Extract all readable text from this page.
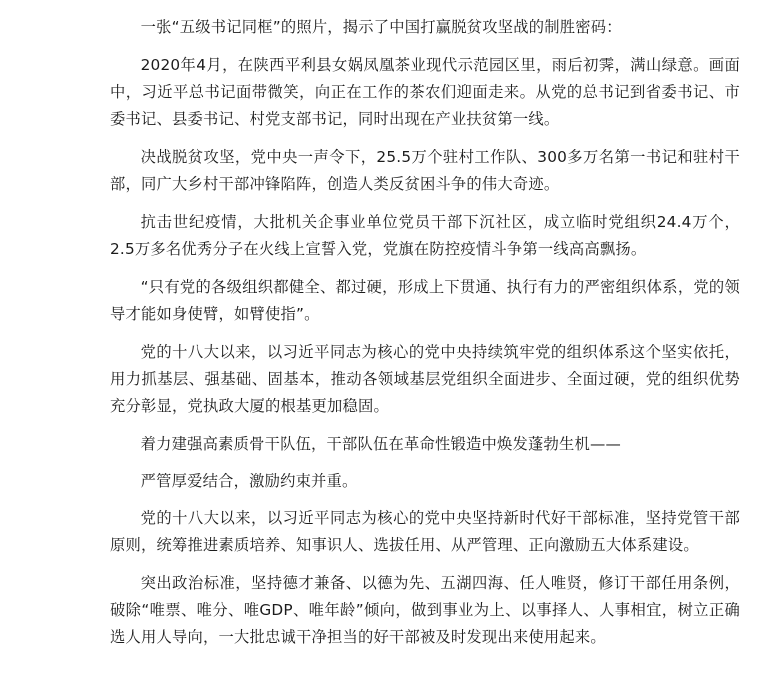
一张“五级书记同框”的照片，揭示了中国打赢脱贫攻坚战的制胜密码：

2020年4月，在陕西平利县女娲凤凰茶业现代示范园区里，雨后初霁，满山绿意。画面中，习近平总书记面带微笑，向正在工作的茶农们迎面走来。从党的总书记到省委书记、市委书记、县委书记、村党支部书记，同时出现在产业扶贫第一线。

决战脱贫攻坚，党中央一声令下，25.5万个驻村工作队、300多万名第一书记和驻村干部，同广大乡村干部冲锋陷阵，创造人类反贫困斗争的伟大奇迹。

抗击世纪疫情，大批机关企事业单位党员干部下沉社区，成立临时党组织24.4万个，2.5万多名优秀分子在火线上宣誓入党，党旗在防控疫情斗争第一线高高飘扬。

“只有党的各级组织都健全、都过硬，形成上下贯通、执行有力的严密组织体系，党的领导才能如身使臂，如臂使指”。

党的十八大以来，以习近平同志为核心的党中央持续筑牢党的组织体系这个坚实依托，用力抓基层、强基础、固基本，推动各领域基层党组织全面进步、全面过硬，党的组织优势充分彰显，党执政大厦的根基更加稳固。

着力建强高素质骨干队伍，干部队伍在革命性锻造中焕发蓬勃生机——

严管厚爱结合，激励约束并重。

党的十八大以来，以习近平同志为核心的党中央坚持新时代好干部标准，坚持党管干部原则，统筹推进素质培养、知事识人、选拔任用、从严管理、正向激励五大体系建设。

突出政治标准，坚持德才兼备、以德为先、五湖四海、任人唯贤，修订干部任用条例，破除“唯票、唯分、唯GDP、唯年龄”倾向，做到事业为上、以事择人、人事相宜，树立正确选人用人导向，一大批忠诚干净担当的好干部被及时发现出来使用起来。
